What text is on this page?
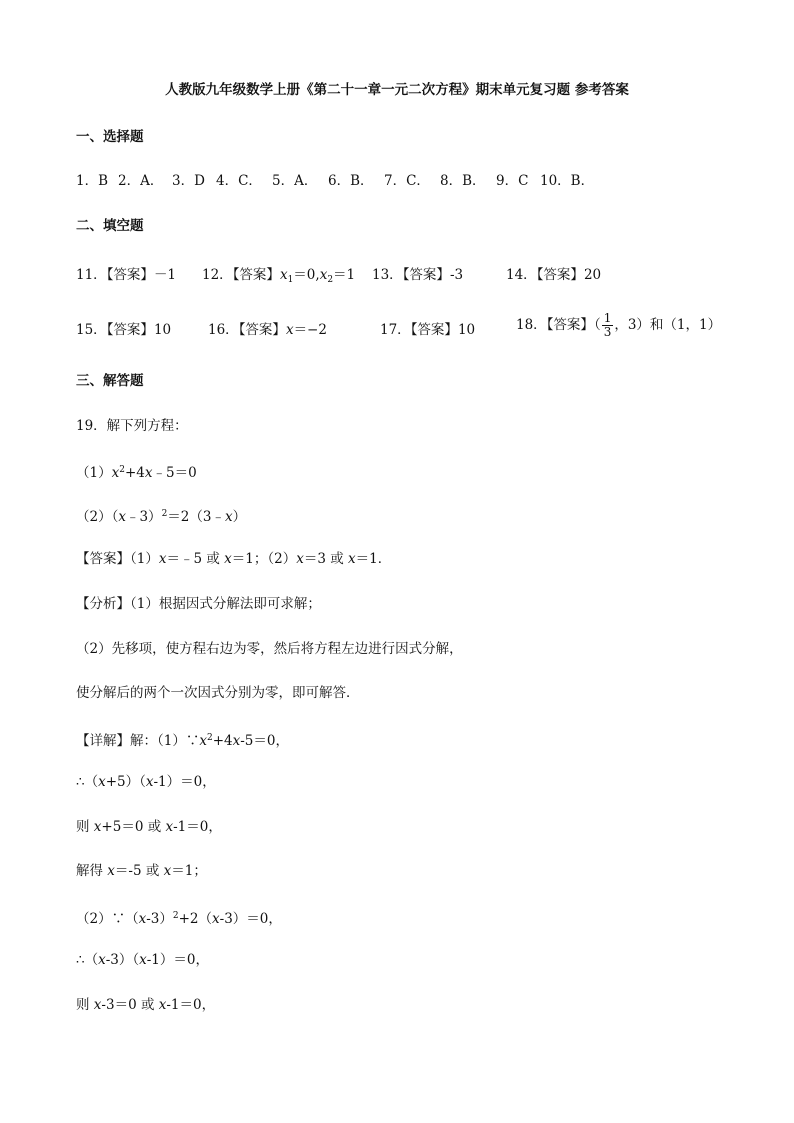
人教版九年级数学上册《第二十一章一元二次方程》期末单元复习题 参考答案
一、选择题
1．B 2．A． 3．D 4．C． 5．A． 6．B． 7．C． 8．B． 9．C 10．B．
二、填空题
11．【答案】－1 12．【答案】$x_1=0,x_2=1$ 13．【答案】-3	14．【答案】20
15．【答案】10	16．【答案】x＝−2	17．【答案】10	18．【答案】（ $\frac{1}{3}$ ，3）和（1，1）
三、解答题
19．解下列方程：
$(1)x^2+4x﹣5=0$
（2）（x﹣3）$^2$＝2（3﹣x）
【答案】（1）x＝﹣5 或 x＝1；（2）x＝3 或 x＝1．
【分析】（1）根据因式分解法即可求解；
（2）先移项，使方程右边为零，然后将方程左边进行因式分解，
使分解后的两个一次因式分别为零，即可解答．
【详解】解：$(1)\because x^2+4x-5=0$，
∴（x+5）（x-1）＝0，
则 x+5＝0 或 x-1＝0，
解得 x＝-5 或 x＝1；
$(2)\because(x-3)^2+2(x-3)=0$，
∴（x-3）（x-1）＝0，
则 x-3＝0 或 x-1＝0，
